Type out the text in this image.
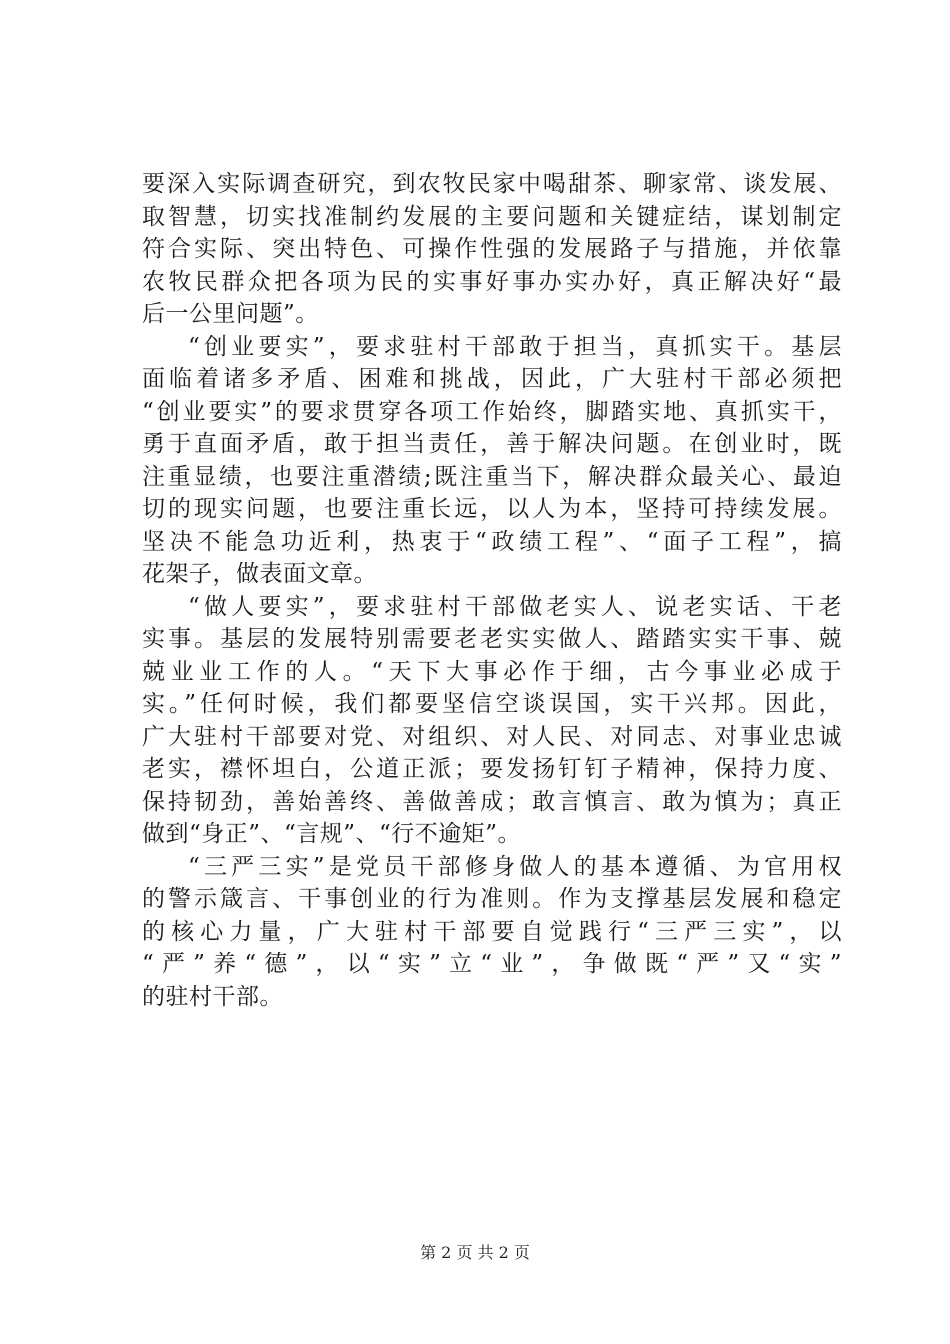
要深入实际调查研究，到农牧民家中喝甜茶、聊家常、谈发展、
取智慧，切实找准制约发展的主要问题和关键症结，谋划制定
符合实际、突出特色、可操作性强的发展路子与措施，并依靠
农牧民群众把各项为民的实事好事办实办好，真正解决好“最
后一公里问题”。
“创业要实”，要求驻村干部敢于担当，真抓实干。基层
面临着诸多矛盾、困难和挑战，因此，广大驻村干部必须把
“创业要实”的要求贯穿各项工作始终，脚踏实地、真抓实干，
勇于直面矛盾，敢于担当责任，善于解决问题。在创业时，既
注重显绩，也要注重潜绩;既注重当下，解决群众最关心、最迫
切的现实问题，也要注重长远，以人为本，坚持可持续发展。
坚决不能急功近利，热衷于“政绩工程”、“面子工程”，搞
花架子，做表面文章。
“做人要实”，要求驻村干部做老实人、说老实话、干老
实事。基层的发展特别需要老老实实做人、踏踏实实干事、兢
兢业业工作的人。“天下大事必作于细，古今事业必成于
实。”任何时候，我们都要坚信空谈误国，实干兴邦。因此，
广大驻村干部要对党、对组织、对人民、对同志、对事业忠诚
老实，襟怀坦白，公道正派；要发扬钉钉子精神，保持力度、
保持韧劲，善始善终、善做善成；敢言慎言、敢为慎为；真正
做到“身正”、“言规”、“行不逾矩”。
“三严三实”是党员干部修身做人的基本遵循、为官用权
的警示箴言、干事创业的行为准则。作为支撑基层发展和稳定
的核心力量，广大驻村干部要自觉践行“三严三实”，以
“严”养“德”，以“实”立“业”，争做既“严”又“实”
的驻村干部。
第 2 页 共 2 页
